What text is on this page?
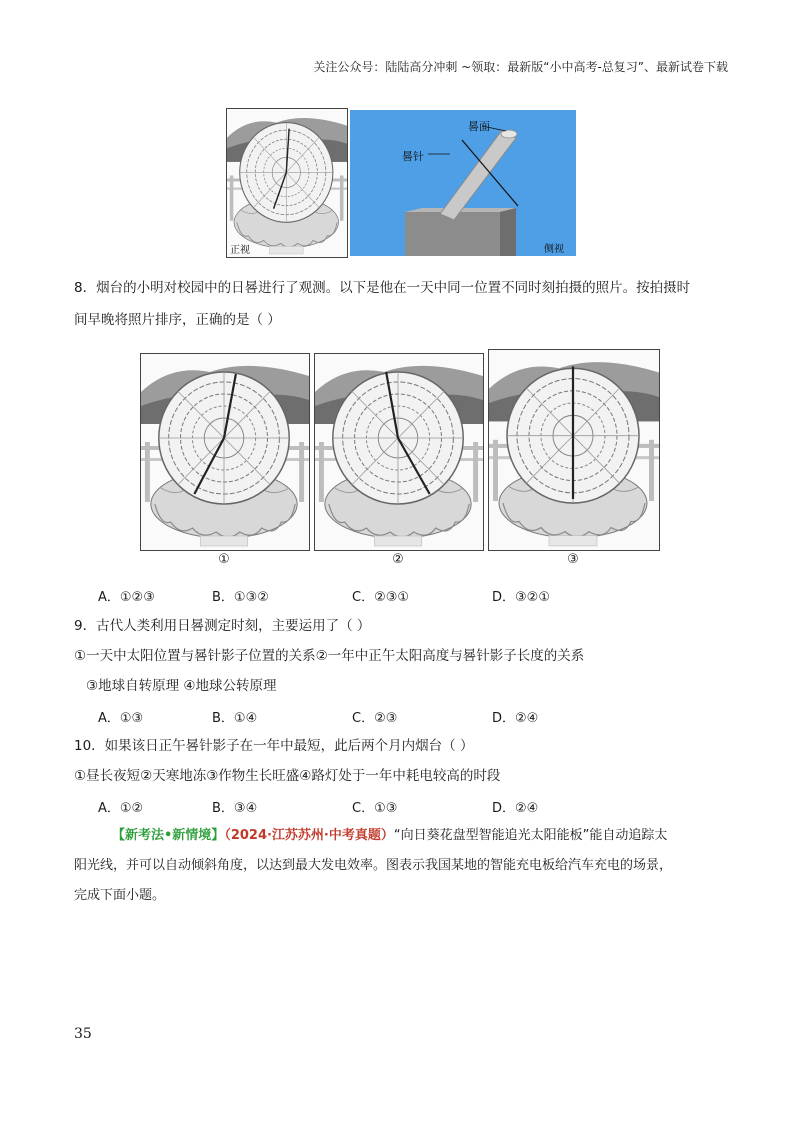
关注公众号：陆陆高分冲刺 ~领取：最新版“小中高考-总复习”、最新试卷下载
正视
晷面
晷针
侧视
8．烟台的小明对校园中的日晷进行了观测。以下是他在一天中同一位置不同时刻拍摄的照片。按拍摄时
间早晚将照片排序，正确的是（ ）
①	②	③
A．①②③	B．①③②	C．②③①	D．③②①
9．古代人类利用日晷测定时刻，主要运用了（ ）
①一天中太阳位置与晷针影子位置的关系②一年中正午太阳高度与晷针影子长度的关系
③地球自转原理 ④地球公转原理
A．①③	B．①④	C．②③	D．②④
10．如果该日正午晷针影子在一年中最短，此后两个月内烟台（ ）
①昼长夜短②天寒地冻③作物生长旺盛④路灯处于一年中耗电较高的时段
A．①②	B．③④	C．①③	D．②④
【新考法•新情境】（2024·江苏苏州·中考真题）“向日葵花盘型智能追光太阳能板”能自动追踪太
阳光线，并可以自动倾斜角度，以达到最大发电效率。图表示我国某地的智能充电板给汽车充电的场景，
完成下面小题。
35
